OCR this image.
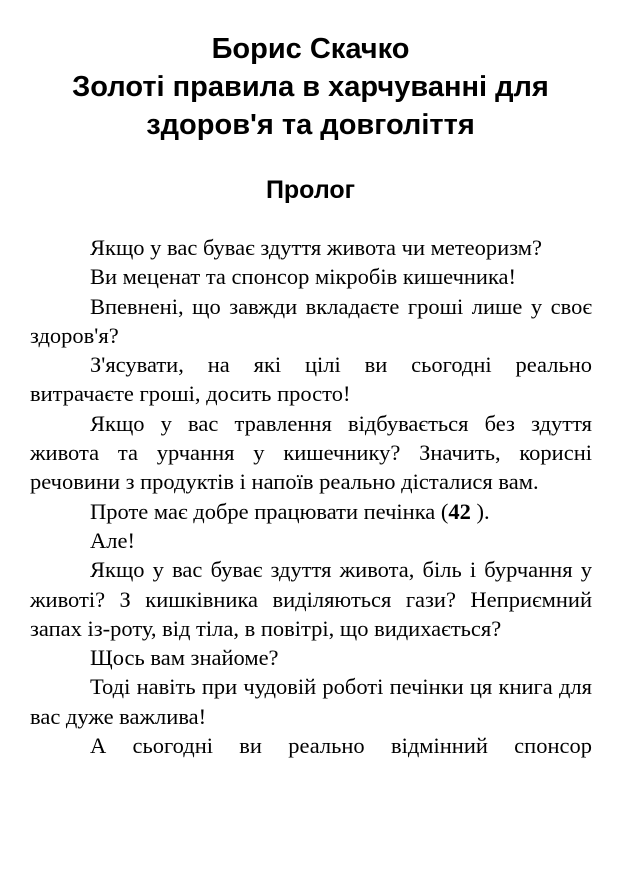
Борис Скачко
Золоті правила в харчуванні для
здоров'я та довголіття
Пролог

Якщо у вас буває здуття живота чи метеоризм?

Ви меценат та спонсор мікробів кишечника!

Впевнені, що завжди вкладаєте гроші лише у своє здоров'я?

З'ясувати, на які цілі ви сьогодні реально витрачаєте гроші, досить просто!

Якщо у вас травлення відбувається без здуття живота та урчання у кишечнику? Значить, корисні речовини з продуктів і напоїв реально дісталися вам.

Проте має добре працювати печінка (42 ).

Але!

Якщо у вас буває здуття живота, біль і бурчання у животі? З кишківника виділяються гази? Неприємний запах із-роту, від тіла, в повітрі, що видихається?

Щось вам знайоме?

Тоді навіть при чудовій роботі печінки ця книга для вас дуже важлива!

А сьогодні ви реально відмінний спонсор
